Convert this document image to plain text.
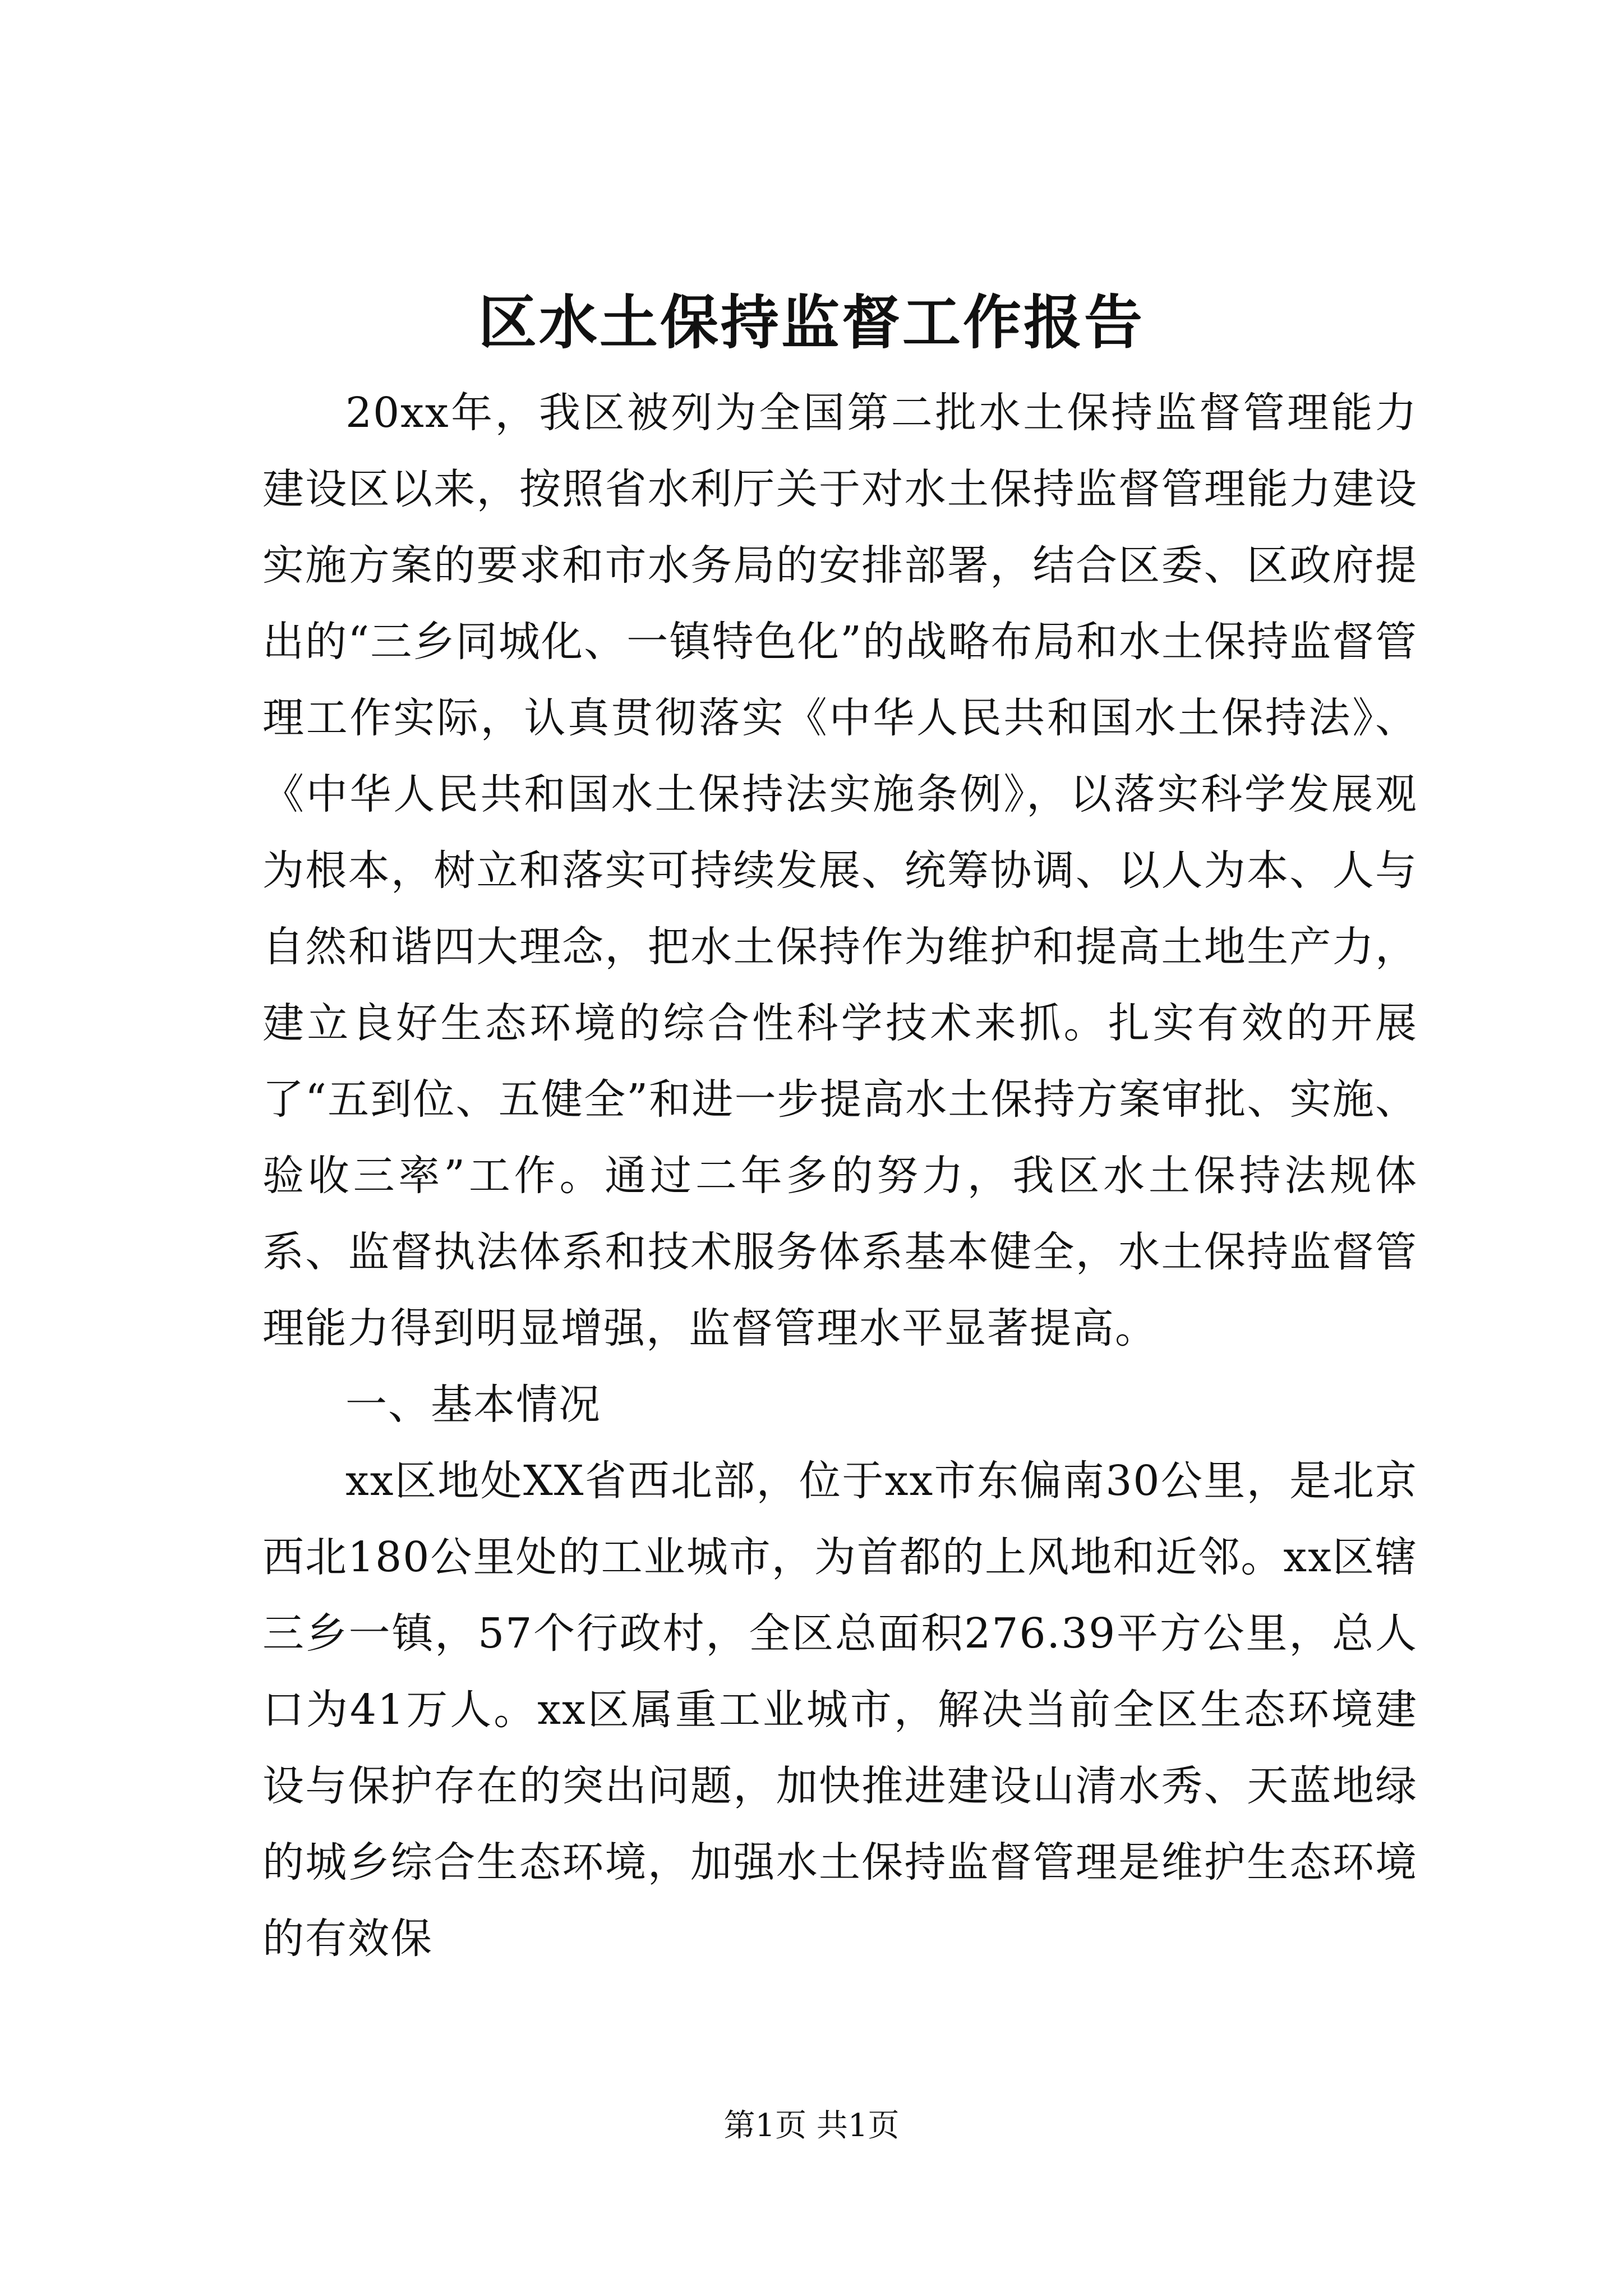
区水土保持监督工作报告

20xx年，我区被列为全国第二批水土保持监督管理能力建设区以来，按照省水利厅关于对水土保持监督管理能力建设实施方案的要求和市水务局的安排部署，结合区委、区政府提出的“三乡同城化、一镇特色化”的战略布局和水土保持监督管理工作实际，认真贯彻落实《中华人民共和国水土保持法》、《中华人民共和国水土保持法实施条例》，以落实科学发展观为根本，树立和落实可持续发展、统筹协调、以人为本、人与自然和谐四大理念，把水土保持作为维护和提高土地生产力，建立良好生态环境的综合性科学技术来抓。扎实有效的开展了“五到位、五健全”和进一步提高水土保持方案审批、实施、验收三率”工作。通过二年多的努力，我区水土保持法规体系、监督执法体系和技术服务体系基本健全，水土保持监督管理能力得到明显增强，监督管理水平显著提高。

一、基本情况

xx区地处XX省西北部，位于xx市东偏南30公里，是北京西北180公里处的工业城市，为首都的上风地和近邻。xx区辖三乡一镇，57个行政村，全区总面积276.39平方公里，总人口为41万人。xx区属重工业城市，解决当前全区生态环境建设与保护存在的突出问题，加快推进建设山清水秀、天蓝地绿的城乡综合生态环境，加强水土保持监督管理是维护生态环境的有效保

第1页 共1页
